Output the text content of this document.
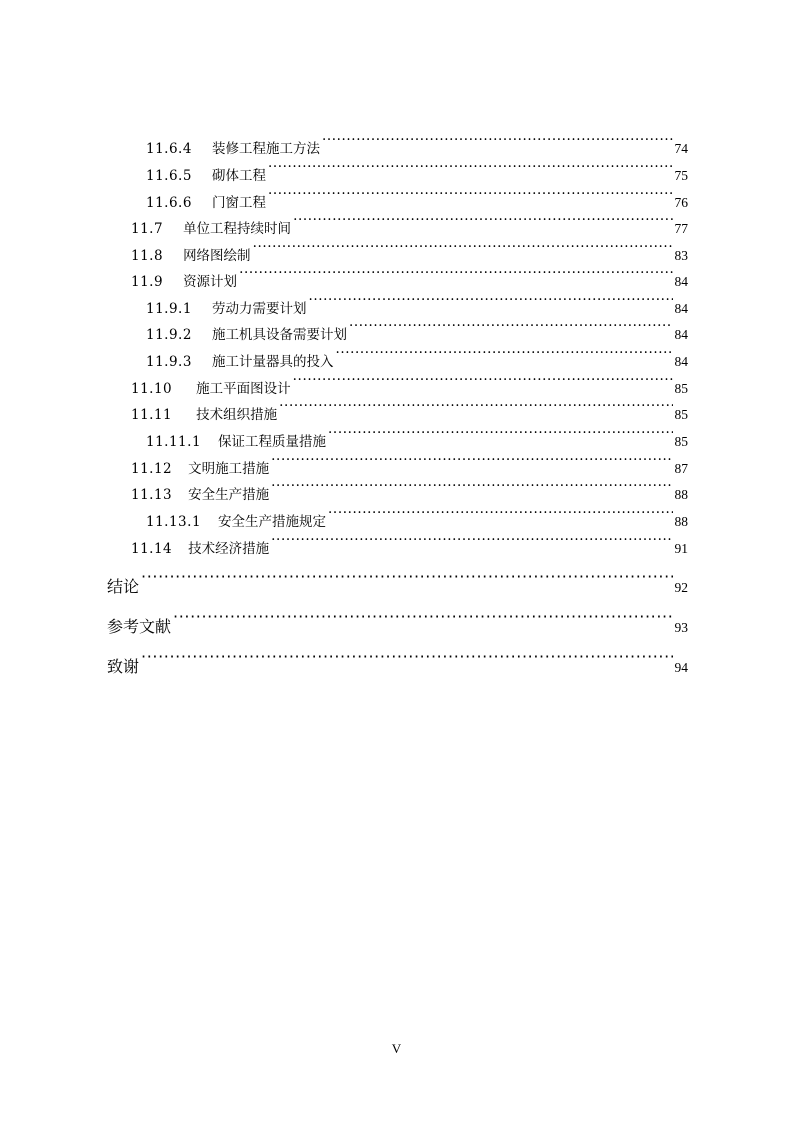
11.6.4 装修工程施工方法 ·····	74
11.6.5 砌体工程 ·····	75
11.6.6 门窗工程 ·····	76
11.7 单位工程持续时间 ·····	77
11.8 网络图绘制 ·····	83
11.9 资源计划 ·····	84
11.9.1 劳动力需要计划 ·····	84
11.9.2 施工机具设备需要计划 ·····	84
11.9.3 施工计量器具的投入 ·····	84
11.10 施工平面图设计 ·····	85
11.11 技术组织措施 ·····	85
11.11.1 保证工程质量措施 ·····	85
11.12 文明施工措施 ·····	87
11.13 安全生产措施 ·····	88
11.13.1 安全生产措施规定 ·····	88
11.14 技术经济措施 ·····	91
结论 ·····	92
参考文献 ·····	93
致谢 ·····	94
V
